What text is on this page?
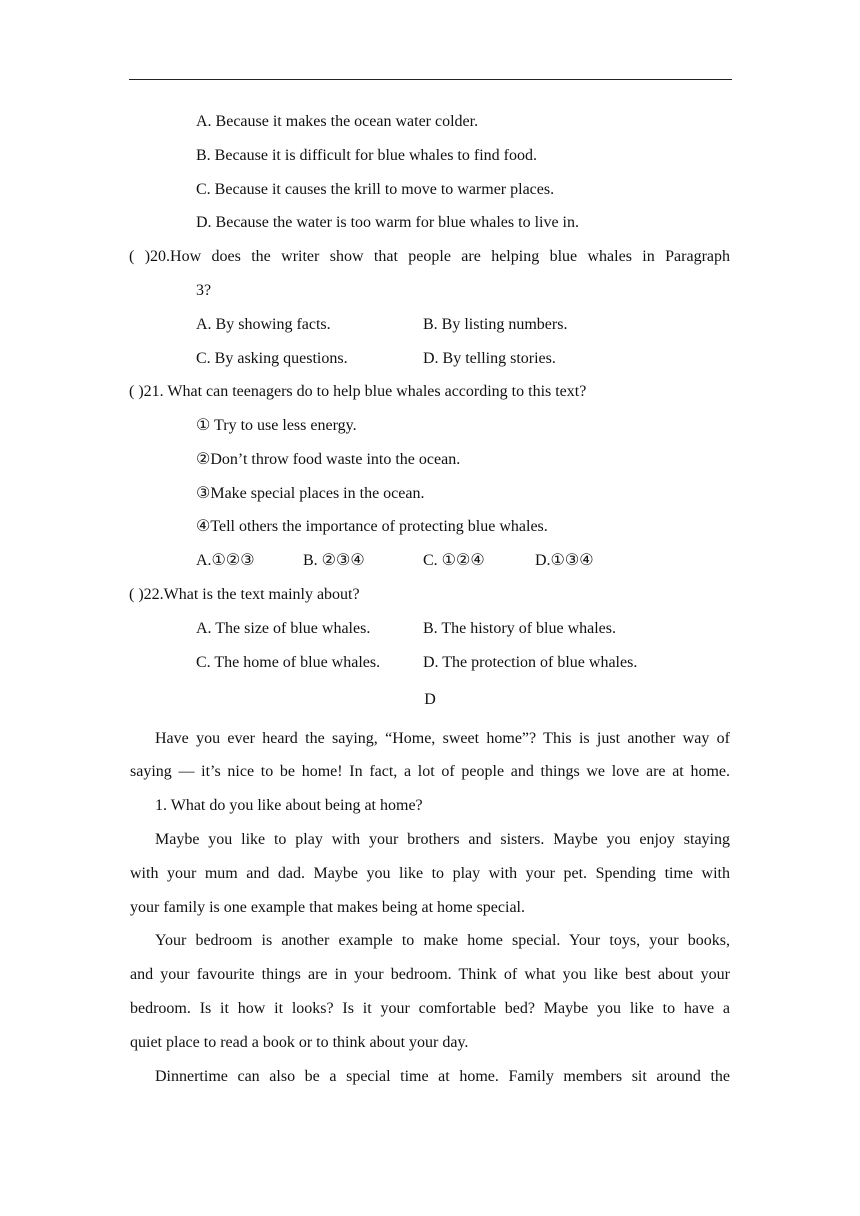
A. Because it makes the ocean water colder.
B. Because it is difficult for blue whales to find food.
C. Because it causes the krill to move to warmer places.
D. Because the water is too warm for blue whales to live in.
( )20.How does the writer show that people are helping blue whales in Paragraph
3?
A. By showing facts.	B. By listing numbers.
C. By asking questions.	D. By telling stories.
( )21. What can teenagers do to help blue whales according to this text?
① Try to use less energy.
②Don’t throw food waste into the ocean.
③Make special places in the ocean.
④Tell others the importance of protecting blue whales.
A.①②③	B. ②③④	C. ①②④	D.①③④
( )22.What is the text mainly about?
A. The size of blue whales.	B. The history of blue whales.
C. The home of blue whales.	D. The protection of blue whales.
D
Have you ever heard the saying, “Home, sweet home”? This is just another way of
saying — it’s nice to be home! In fact, a lot of people and things we love are at home.
1. What do you like about being at home?
Maybe you like to play with your brothers and sisters. Maybe you enjoy staying
with your mum and dad. Maybe you like to play with your pet. Spending time with
your family is one example that makes being at home special.
Your bedroom is another example to make home special. Your toys, your books,
and your favourite things are in your bedroom. Think of what you like best about your
bedroom. Is it how it looks? Is it your comfortable bed? Maybe you like to have a
quiet place to read a book or to think about your day.
Dinnertime can also be a special time at home. Family members sit around the
